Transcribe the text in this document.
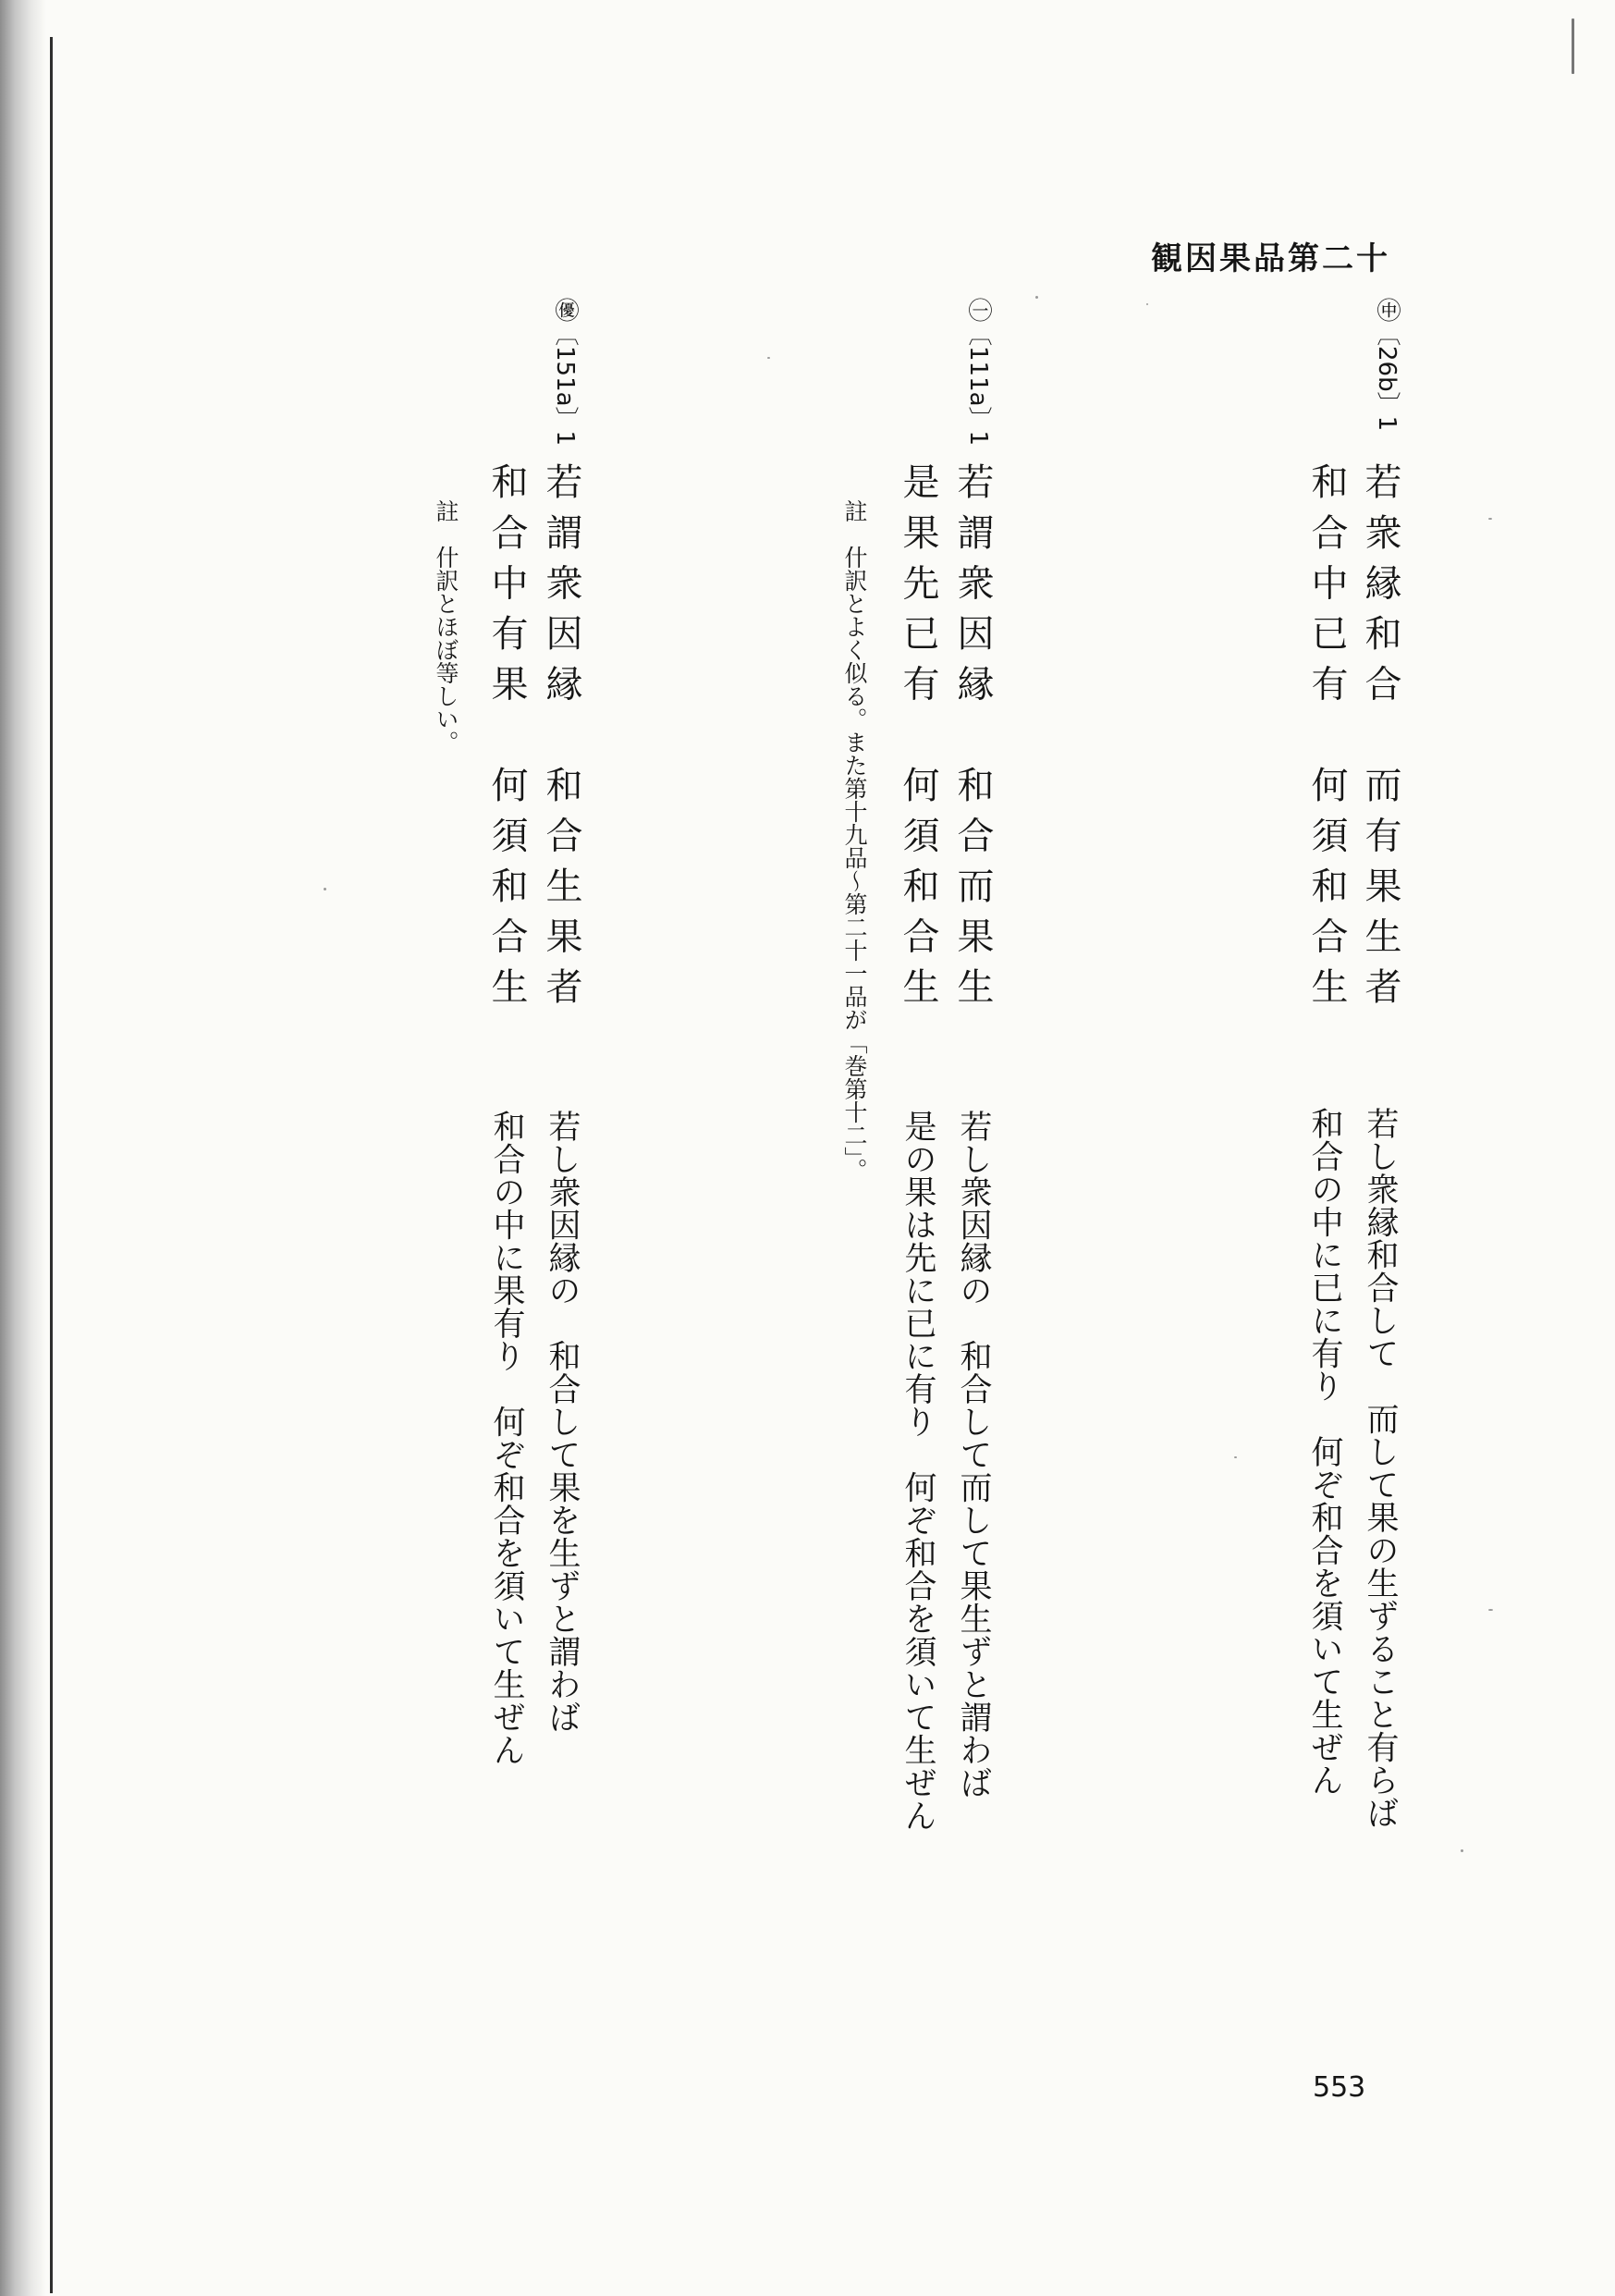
観因果品第二十
㊥〔26b〕1
若衆縁和合　而有果生者
和合中已有　何須和合生
若し衆縁和合して　而して果の生ずること有らば
和合の中に已に有り　何ぞ和合を須いて生ぜん
㊀〔111a〕1
若謂衆因縁　和合而果生
是果先已有　何須和合生
註　什訳とよく似る。また第十九品〜第二十一品が「巻第十二」。
若し衆因縁の　和合して而して果生ずと謂わば
是の果は先に已に有り　何ぞ和合を須いて生ぜん
㊝〔151a〕1
若謂衆因縁　和合生果者
和合中有果　何須和合生
註　什訳とほぼ等しい。
若し衆因縁の　和合して果を生ずと謂わば
和合の中に果有り　何ぞ和合を須いて生ぜん
553
